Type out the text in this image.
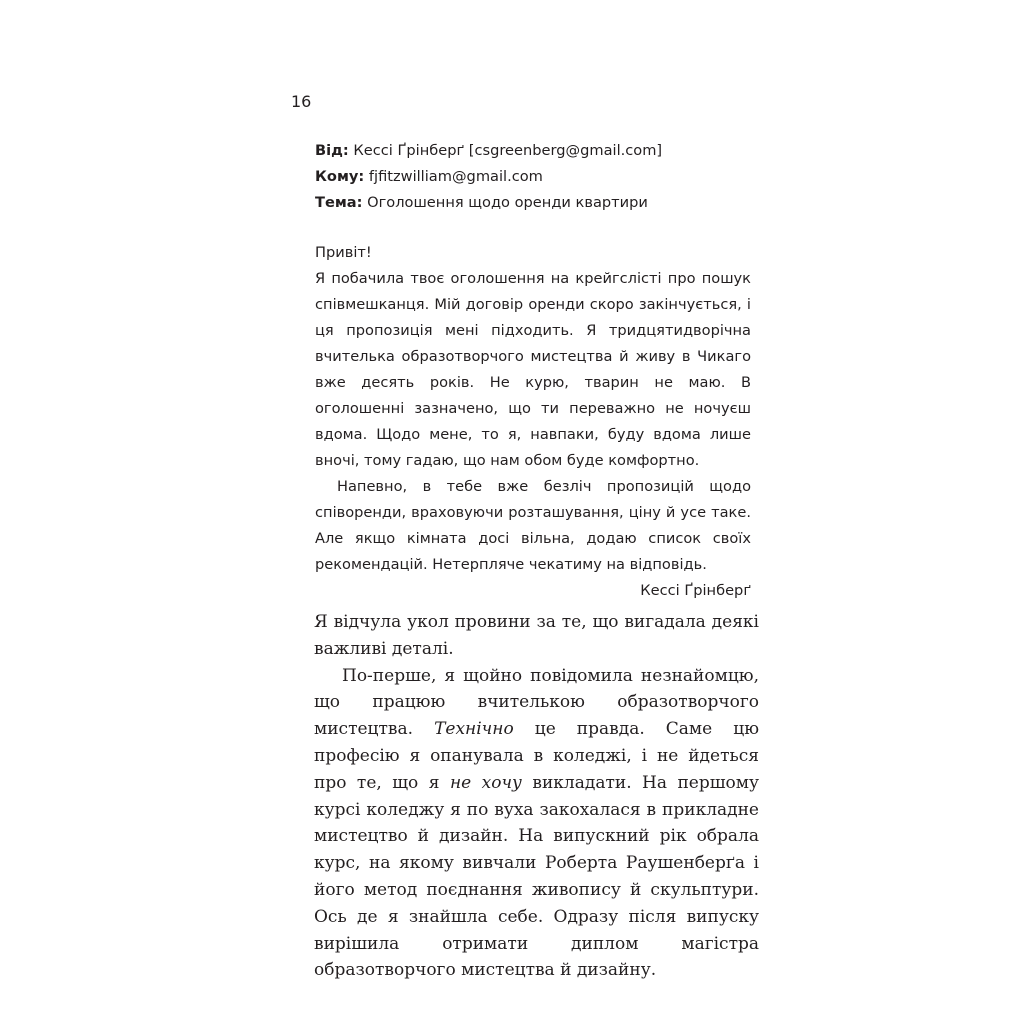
16

Від: Кессі Ґрінберґ [csgreenberg@gmail.com]

Кому: fjfitzwilliam@gmail.com

Тема: Оголошення щодо оренди квартири

Привіт!

Я побачила твоє оголошення на крейгслісті про пошук співмешканця. Мій договір оренди скоро закінчується, і ця пропозиція мені підходить. Я тридцятидворічна вчителька образотворчого мистецтва й живу в Чикаго вже десять років. Не курю, тварин не маю. В оголошенні зазначено, що ти переважно не ночуєш вдома. Щодо мене, то я, навпаки, буду вдома лише вночі, тому гадаю, що нам обом буде комфортно.

Напевно, в тебе вже безліч пропозицій щодо співоренди, враховуючи розташування, ціну й усе таке. Але якщо кімната досі вільна, додаю список своїх рекомендацій. Нетерпляче чекатиму на відповідь.

Кессі Ґрінберґ

Я відчула укол провини за те, що вигадала деякі важливі деталі.

По-перше, я щойно повідомила незнайомцю, що працюю вчителькою образотворчого мистецтва. Технічно це правда. Саме цю професію я опанувала в коледжі, і не йдеться про те, що я не хочу викладати. На першому курсі коледжу я по вуха закохалася в прикладне мистецтво й дизайн. На випускний рік обрала курс, на якому вивчали Роберта Раушенберґа і його метод поєднання живопису й скульптури. Ось де я знайшла себе. Одразу після випуску вирішила отримати диплом магістра образотворчого мистецтва й дизайну.
